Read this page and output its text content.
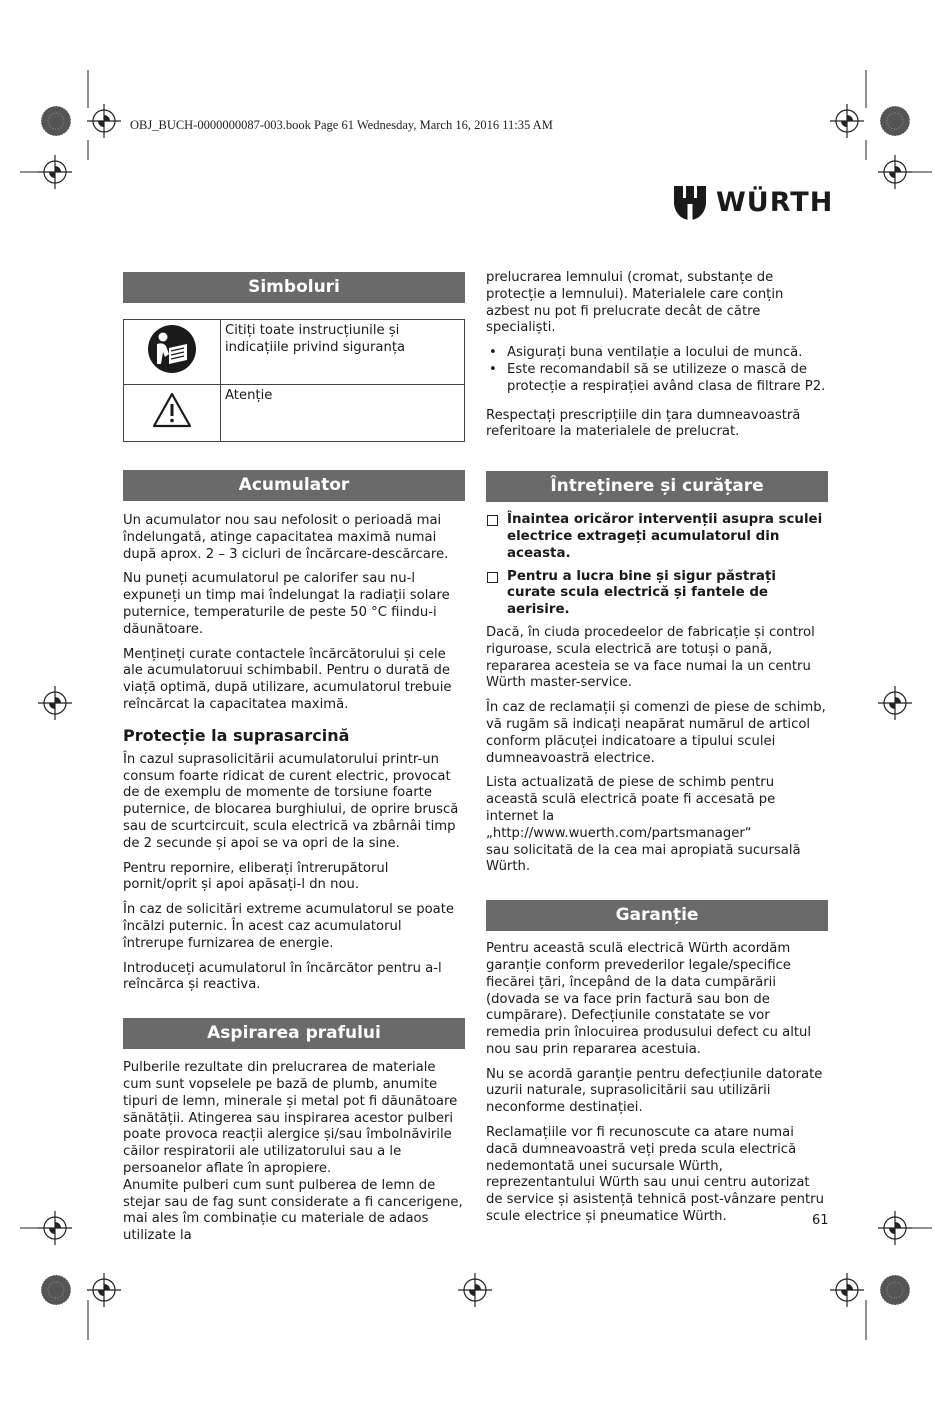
OBJ_BUCH-0000000087-003.book Page 61 Wednesday, March 16, 2016 11:35 AM
WÜRTH
Simboluri
	Citiți toate instrucțiunile și indicațiile privind siguranța
	Atenție
Acumulator

Un acumulator nou sau nefolosit o perioadă mai îndelungată, atinge capacitatea maximă numai după aprox. 2 – 3 cicluri de încărcare-descărcare.

Nu puneți acumulatorul pe calorifer sau nu-l expuneți un timp mai îndelungat la radiații solare puternice, temperaturile de peste 50 °C fiindu-i dăunătoare.

Mențineți curate contactele încărcătorului și cele ale acumulatoruui schimbabil. Pentru o durată de viață optimă, după utilizare, acumulatorul trebuie reîncărcat la capacitatea maximă.

Protecție la suprasarcină

În cazul suprasolicitării acumulatorului printr-un consum foarte ridicat de curent electric, provocat de de exemplu de momente de torsiune foarte puternice, de blocarea burghiului, de oprire bruscă sau de scurtcircuit, scula electrică va zbârnâi timp de 2 secunde și apoi se va opri de la sine.

Pentru repornire, eliberați întrerupătorul pornit/oprit și apoi apăsați-l dn nou.

În caz de solicitări extreme acumulatorul se poate încălzi puternic. În acest caz acumulatorul întrerupe furnizarea de energie.

Introduceți acumulatorul în încărcător pentru a-l reîncărca și reactiva.

Aspirarea prafului

Pulberile rezultate din prelucrarea de materiale cum sunt vopselele pe bază de plumb, anumite tipuri de lemn, minerale și metal pot fi dăunătoare sănătății. Atingerea sau inspirarea acestor pulberi poate provoca reacții alergice și/sau îmbolnăvirile căilor respiratorii ale utilizatorului sau a le persoanelor aflate în apropiere.

Anumite pulberi cum sunt pulberea de lemn de stejar sau de fag sunt considerate a fi cancerigene, mai ales îm combinație cu materiale de adaos utilizate la

prelucrarea lemnului (cromat, substanțe de protecție a lemnului). Materialele care conțin azbest nu pot fi prelucrate decât de către specialiști.

• Asigurați buna ventilație a locului de muncă.
• Este recomandabil să se utilizeze o mască de protecție a respirației având clasa de filtrare P2.

Respectați prescripțiile din țara dumneavoastră referitoare la materialele de prelucrat.

Întreținere și curățare
Înaintea oricăror intervenții asupra sculei electrice extrageți acumulatorul din aceasta.
Pentru a lucra bine și sigur păstrați curate scula electrică și fantele de aerisire.

Dacă, în ciuda procedeelor de fabricație și control riguroase, scula electrică are totuși o pană, repararea acesteia se va face numai la un centru Würth master-service.

În caz de reclamații și comenzi de piese de schimb, vă rugăm să indicați neapărat numărul de articol conform plăcuței indicatoare a tipului sculei dumneavoastră electrice.

Lista actualizată de piese de schimb pentru această sculă electrică poate fi accesată pe internet la
„http://www.wuerth.com/partsmanager“
sau solicitată de la cea mai apropiată sucursală Würth.

Garanție

Pentru această sculă electrică Würth acordăm garanție conform prevederilor legale/specifice fiecărei țări, începând de la data cumpărării (dovada se va face prin factură sau bon de cumpărare). Defecțiunile constatate se vor remedia prin înlocuirea produsului defect cu altul nou sau prin repararea acestuia.

Nu se acordă garanție pentru defecțiunile datorate uzurii naturale, suprasolicitării sau utilizării neconforme destinației.

Reclamațiile vor fi recunoscute ca atare numai dacă dumneavoastră veți preda scula electrică nedemontată unei sucursale Würth, reprezentantului Würth sau unui centru autorizat de service și asistență tehnică post-vânzare pentru scule electrice și pneumatice Würth.	61
